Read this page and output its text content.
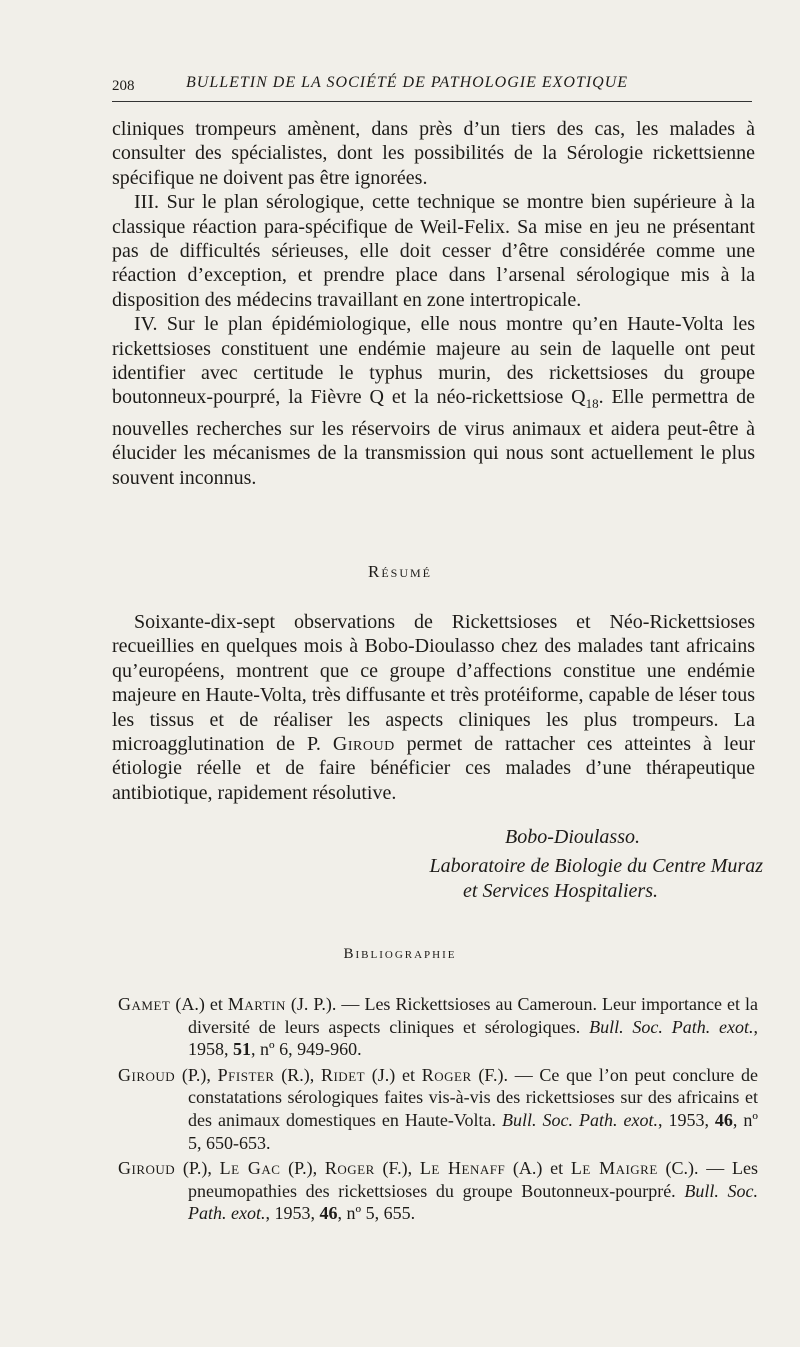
208	BULLETIN DE LA SOCIÉTÉ DE PATHOLOGIE EXOTIQUE

cliniques trompeurs amènent, dans près d’un tiers des cas, les malades à consulter des spécialistes, dont les possibilités de la Sérologie rickettsienne spécifique ne doivent pas être ignorées.

III. Sur le plan sérologique, cette technique se montre bien supérieure à la classique réaction para-spécifique de Weil-Felix. Sa mise en jeu ne présentant pas de difficultés sérieuses, elle doit cesser d’être considérée comme une réaction d’exception, et prendre place dans l’arsenal sérologique mis à la disposition des médecins travaillant en zone intertropicale.

IV. Sur le plan épidémiologique, elle nous montre qu’en Haute-Volta les rickettsioses constituent une endémie majeure au sein de laquelle ont peut identifier avec certitude le typhus murin, des rickettsioses du groupe boutonneux-pourpré, la Fièvre Q et la néo-rickettsiose $Q_{18}$. Elle permettra de nouvelles recherches sur les réservoirs de virus animaux et aidera peut-être à élucider les mécanismes de la transmission qui nous sont actuellement le plus souvent inconnus.

Résumé

Soixante-dix-sept observations de Rickettsioses et Néo-Rickettsioses recueillies en quelques mois à Bobo-Dioulasso chez des malades tant africains qu’européens, montrent que ce groupe d’affections constitue une endémie majeure en Haute-Volta, très diffusante et très protéiforme, capable de léser tous les tissus et de réaliser les aspects cliniques les plus trompeurs. La microagglutination de P. Giroud permet de rattacher ces atteintes à leur étiologie réelle et de faire bénéficier ces malades d’une thérapeutique antibiotique, rapidement résolutive.

Bobo-Dioulasso.
Laboratoire de Biologie du Centre Muraz
et Services Hospitaliers.
Bibliographie

Gamet (A.) et Martin (J. P.). — Les Rickettsioses au Cameroun. Leur importance et la diversité de leurs aspects cliniques et sérologiques. Bull. Soc. Path. exot., 1958, 51, nº 6, 949-960.

Giroud (P.), Pfister (R.), Ridet (J.) et Roger (F.). — Ce que l’on peut conclure de constatations sérologiques faites vis-à-vis des rickettsioses sur des africains et des animaux domestiques en Haute-Volta. Bull. Soc. Path. exot., 1953, 46, nº 5, 650-653.

Giroud (P.), Le Gac (P.), Roger (F.), Le Henaff (A.) et Le Maigre (C.). — Les pneumopathies des rickettsioses du groupe Boutonneux-pourpré. Bull. Soc. Path. exot., 1953, 46, nº 5, 655.
